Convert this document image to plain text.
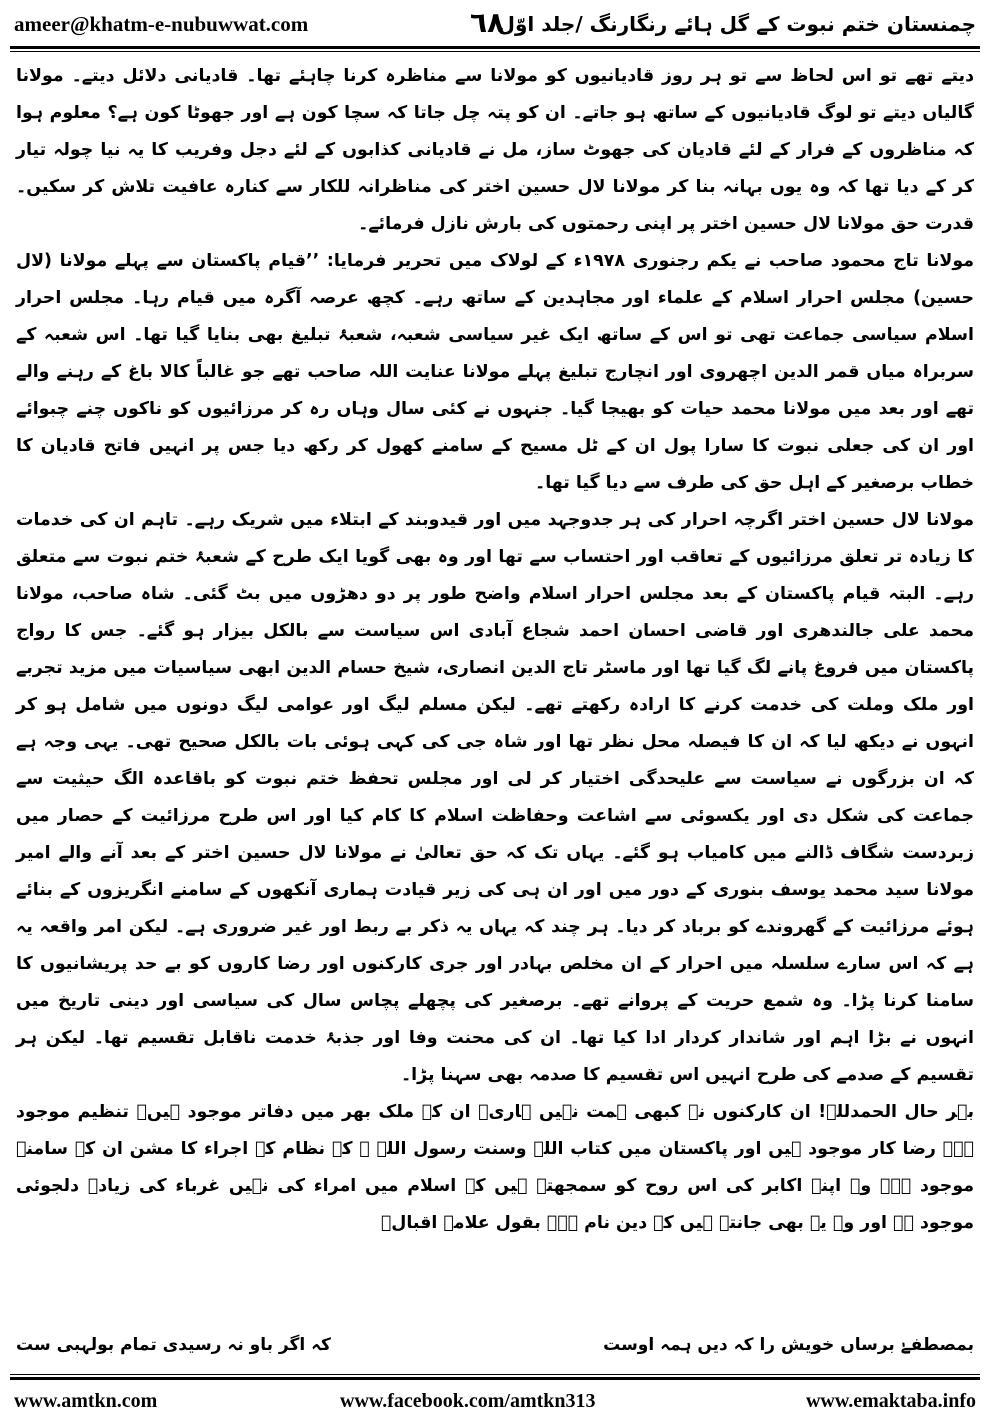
ameer@khatm-e-nubuwwat.com	٦٨
چمنستان ختم نبوت کے گل ہائے رنگارنگ /جلد اوّل

دیتے تھے تو اس لحاظ سے تو ہر روز قادیانیوں کو مولانا سے مناظرہ کرنا چاہئے تھا۔ قادیانی دلائل دیتے۔ مولانا گالیاں دیتے تو لوگ قادیانیوں کے ساتھ ہو جاتے۔ ان کو پتہ چل جاتا کہ سچا کون ہے اور جھوٹا کون ہے؟ معلوم ہوا کہ مناظروں کے فرار کے لئے قادیان کی جھوٹ ساز، مل نے قادیانی کذابوں کے لئے دجل وفریب کا یہ نیا چولہ تیار کر کے دیا تھا کہ وہ یوں بہانہ بنا کر مولانا لال حسین اختر کی مناظرانہ للکار سے کنارہ عافیت تلاش کر سکیں۔ قدرت حق مولانا لال حسین اختر پر اپنی رحمتوں کی بارش نازل فرمائے۔

مولانا تاج محمود صاحب نے یکم رجنوری ۱۹۷۸ء کے لولاک میں تحریر فرمایا: ’’قیام پاکستان سے پہلے مولانا (لال حسین) مجلس احرار اسلام کے علماء اور مجاہدین کے ساتھ رہے۔ کچھ عرصہ آگرہ میں قیام رہا۔ مجلس احرار اسلام سیاسی جماعت تھی تو اس کے ساتھ ایک غیر سیاسی شعبہ، شعبۂ تبلیغ بھی بنایا گیا تھا۔ اس شعبہ کے سربراہ میاں قمر الدین اچھروی اور انچارج تبلیغ پہلے مولانا عنایت اللہ صاحب تھے جو غالباً کالا باغ کے رہنے والے تھے اور بعد میں مولانا محمد حیات کو بھیجا گیا۔ جنہوں نے کئی سال وہاں رہ کر مرزائیوں کو ناکوں چنے چبوائے اور ان کی جعلی نبوت کا سارا پول ان کے ٹل مسیح کے سامنے کھول کر رکھ دیا جس پر انہیں فاتح قادیان کا خطاب برصغیر کے اہل حق کی طرف سے دیا گیا تھا۔

مولانا لال حسین اختر اگرچہ احرار کی ہر جدوجہد میں اور قیدوبند کے ابتلاء میں شریک رہے۔ تاہم ان کی خدمات کا زیادہ تر تعلق مرزائیوں کے تعاقب اور احتساب سے تھا اور وہ بھی گویا ایک طرح کے شعبۂ ختم نبوت سے متعلق رہے۔ البتہ قیام پاکستان کے بعد مجلس احرار اسلام واضح طور پر دو دھڑوں میں بٹ گئی۔ شاہ صاحب، مولانا محمد علی جالندھری اور قاضی احسان احمد شجاع آبادی اس سیاست سے بالکل بیزار ہو گئے۔ جس کا رواج پاکستان میں فروغ پانے لگ گیا تھا اور ماسٹر تاج الدین انصاری، شیخ حسام الدین ابھی سیاسیات میں مزید تجربے اور ملک وملت کی خدمت کرنے کا ارادہ رکھتے تھے۔ لیکن مسلم لیگ اور عوامی لیگ دونوں میں شامل ہو کر انہوں نے دیکھ لیا کہ ان کا فیصلہ محل نظر تھا اور شاہ جی کی کہی ہوئی بات بالکل صحیح تھی۔ یہی وجہ ہے کہ ان بزرگوں نے سیاست سے علیحدگی اختیار کر لی اور مجلس تحفظ ختم نبوت کو باقاعدہ الگ حیثیت سے جماعت کی شکل دی اور یکسوئی سے اشاعت وحفاظت اسلام کا کام کیا اور اس طرح مرزائیت کے حصار میں زبردست شگاف ڈالنے میں کامیاب ہو گئے۔ یہاں تک کہ حق تعالیٰ نے مولانا لال حسین اختر کے بعد آنے والے امیر مولانا سید محمد یوسف بنوری کے دور میں اور ان ہی کی زیر قیادت ہماری آنکھوں کے سامنے انگریزوں کے بنائے ہوئے مرزائیت کے گھروندے کو برباد کر دیا۔ ہر چند کہ یہاں یہ ذکر بے ربط اور غیر ضروری ہے۔ لیکن امر واقعہ یہ ہے کہ اس سارے سلسلہ میں احرار کے ان مخلص بہادر اور جری کارکنوں اور رضا کاروں کو بے حد پریشانیوں کا سامنا کرنا پڑا۔ وہ شمع حریت کے پروانے تھے۔ برصغیر کی پچھلے پچاس سال کی سیاسی اور دینی تاریخ میں انہوں نے بڑا اہم اور شاندار کردار ادا کیا تھا۔ ان کی محنت وفا اور جذبۂ خدمت ناقابل تقسیم تھا۔ لیکن ہر تقسیم کے صدمے کی طرح انہیں اس تقسیم کا صدمہ بھی سہنا پڑا۔

بہر حال الحمدللہ! ان کارکنوں نے کبھی ہمت نہیں ہاری۔ ان کے ملک بھر میں دفاتر موجود ہیں۔ تنظیم موجود ہے۔ رضا کار موجود ہیں اور پاکستان میں کتاب اللہ وسنت رسول اللہ ﷺ کے نظام کے اجراء کا مشن ان کے سامنے موجود ہے۔ وہ اپنے اکابر کی اس روح کو سمجھتے ہیں کہ اسلام میں امراء کی نہیں غرباء کی زیادہ دلجوئی موجود ہے اور وہ یہ بھی جانتے ہیں کہ دین نام ہے۔ بقول علامہ اقبالؒ

بمصطفےٰ برساں خویش را کہ دیں ہمہ اوست
کہ اگر باو نہ رسیدی تمام بولہبی ست
www.amtkn.com	www.facebook.com/amtkn313	www.emaktaba.info
